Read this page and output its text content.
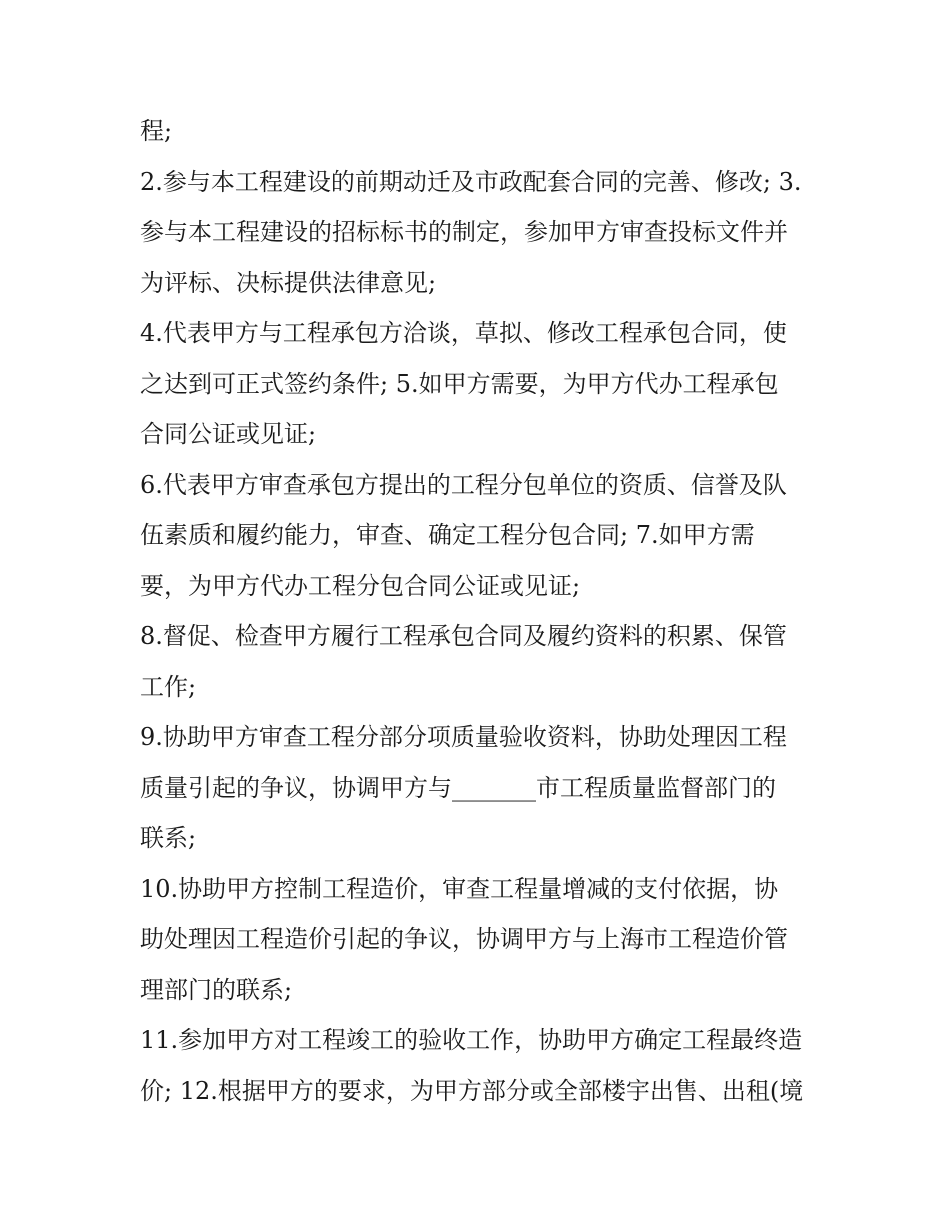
程;
2.参与本工程建设的前期动迁及市政配套合同的完善、修改; 3.
参与本工程建设的招标标书的制定，参加甲方审查投标文件并
为评标、决标提供法律意见;
4.代表甲方与工程承包方洽谈，草拟、修改工程承包合同，使
之达到可正式签约条件; 5.如甲方需要，为甲方代办工程承包
合同公证或见证;
6.代表甲方审查承包方提出的工程分包单位的资质、信誉及队
伍素质和履约能力，审查、确定工程分包合同; 7.如甲方需
要，为甲方代办工程分包合同公证或见证;
8.督促、检查甲方履行工程承包合同及履约资料的积累、保管
工作;
9.协助甲方审查工程分部分项质量验收资料，协助处理因工程
质量引起的争议，协调甲方与_______市工程质量监督部门的
联系;
10.协助甲方控制工程造价，审查工程量增减的支付依据，协
助处理因工程造价引起的争议，协调甲方与上海市工程造价管
理部门的联系;
11.参加甲方对工程竣工的验收工作，协助甲方确定工程最终造
价; 12.根据甲方的要求，为甲方部分或全部楼宇出售、出租(境
